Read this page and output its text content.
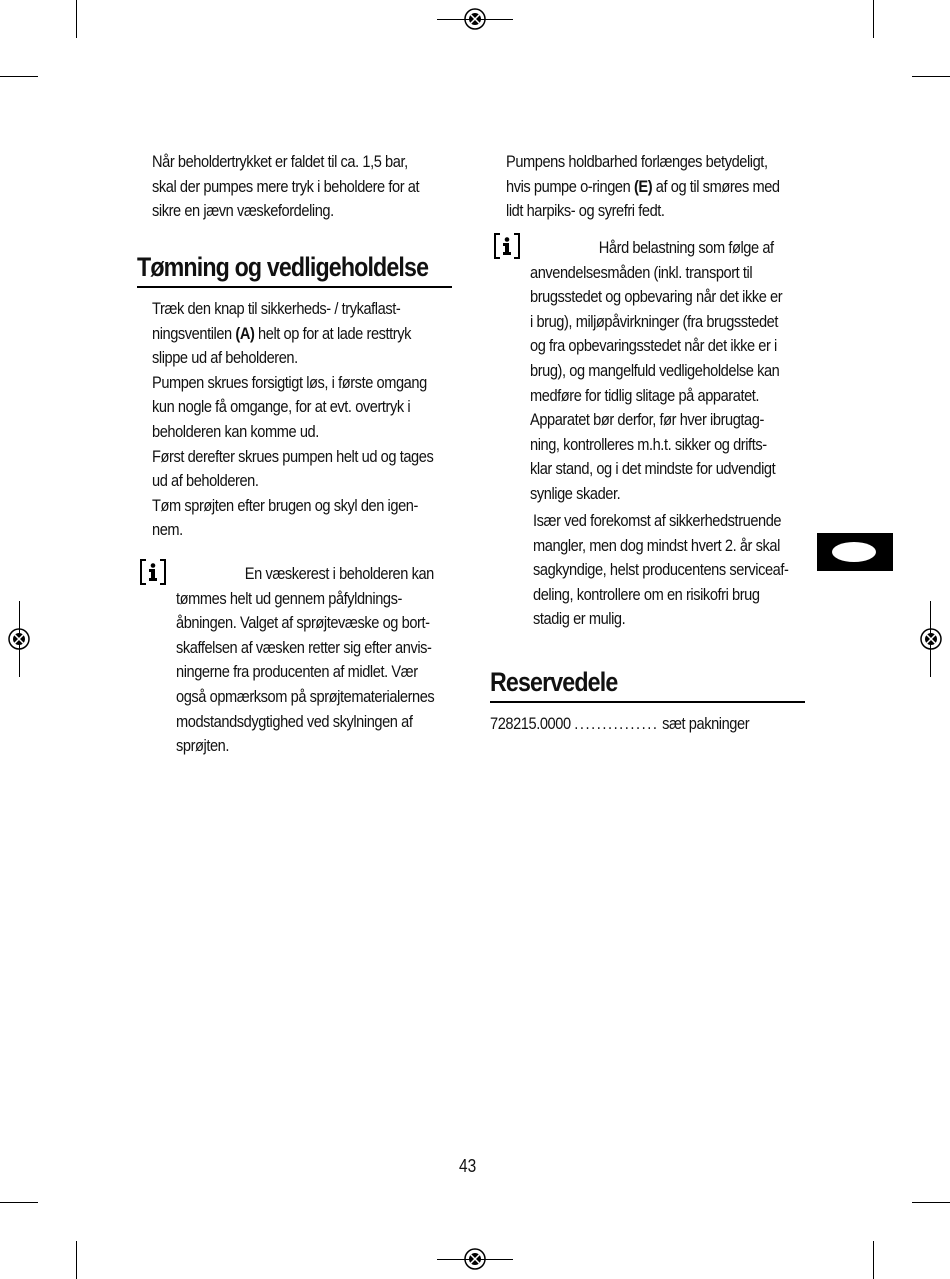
Når beholdertrykket er faldet til ca. 1,5 bar,

skal der pumpes mere tryk i beholdere for at

sikre en jævn væskefordeling.

Tømning og vedligeholdelse

Træk den knap til sikkerheds- / trykaflast-

ningsventilen (A) helt op for at lade resttryk

slippe ud af beholderen.

Pumpen skrues forsigtigt løs, i første omgang

kun nogle få omgange, for at evt. overtryk i

beholderen kan komme ud.

Først derefter skrues pumpen helt ud og tages

ud af beholderen.

Tøm sprøjten efter brugen og skyl den igen-

nem.

En væskerest i beholderen kan

tømmes helt ud gennem påfyldnings-

åbningen. Valget af sprøjtevæske og bort-

skaffelsen af væsken retter sig efter anvis-

ningerne fra producenten af midlet. Vær

også opmærksom på sprøjtematerialernes

modstandsdygtighed ved skylningen af

sprøjten.

Pumpens holdbarhed forlænges betydeligt,

hvis pumpe o-ringen (E) af og til smøres med

lidt harpiks- og syrefri fedt.

Hård belastning som følge af

anvendelsesmåden (inkl. transport til

brugsstedet og opbevaring når det ikke er

i brug), miljøpåvirkninger (fra brugsstedet

og fra opbevaringsstedet når det ikke er i

brug), og mangelfuld vedligeholdelse kan

medføre for tidlig slitage på apparatet.

Apparatet bør derfor, før hver ibrugtag-

ning, kontrolleres m.h.t. sikker og drifts-

klar stand, og i det mindste for udvendigt

synlige skader.

Især ved forekomst af sikkerhedstruende

mangler, men dog mindst hvert 2. år skal

sagkyndige, helst producentens serviceaf-

deling, kontrollere om en risikofri brug

stadig er mulig.

Reservedele
728215.0000 ............... sæt pakninger
43
